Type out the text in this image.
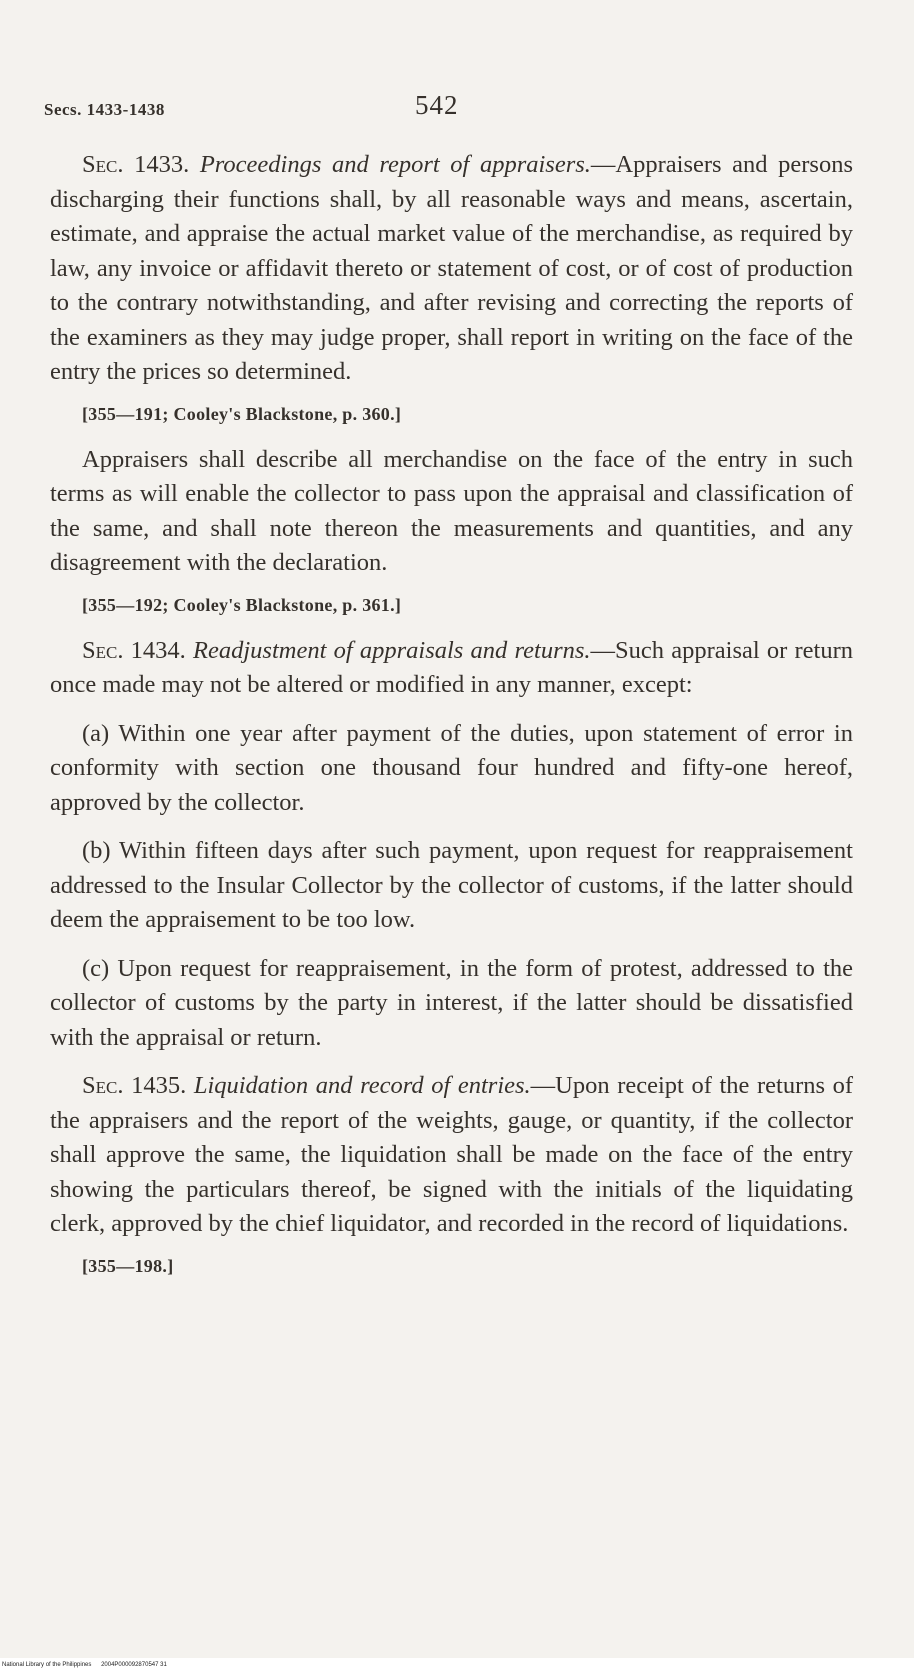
Secs. 1433-1438	542

Sec. 1433. Proceedings and report of appraisers.—Appraisers and persons discharging their functions shall, by all reasonable ways and means, ascertain, estimate, and appraise the actual market value of the merchandise, as required by law, any invoice or affidavit thereto or statement of cost, or of cost of production to the contrary notwithstanding, and after revising and correcting the reports of the examiners as they may judge proper, shall report in writing on the face of the entry the prices so determined.

[355—191; Cooley's Blackstone, p. 360.]

Appraisers shall describe all merchandise on the face of the entry in such terms as will enable the collector to pass upon the appraisal and classification of the same, and shall note thereon the measurements and quantities, and any disagreement with the declaration.

[355—192; Cooley's Blackstone, p. 361.]

Sec. 1434. Readjustment of appraisals and returns.—Such appraisal or return once made may not be altered or modified in any manner, except:

(a) Within one year after payment of the duties, upon statement of error in conformity with section one thousand four hundred and fifty-one hereof, approved by the collector.

(b) Within fifteen days after such payment, upon request for reappraisement addressed to the Insular Collector by the collector of customs, if the latter should deem the appraisement to be too low.

(c) Upon request for reappraisement, in the form of protest, addressed to the collector of customs by the party in interest, if the latter should be dissatisfied with the appraisal or return.

Sec. 1435. Liquidation and record of entries.—Upon receipt of the returns of the appraisers and the report of the weights, gauge, or quantity, if the collector shall approve the same, the liquidation shall be made on the face of the entry showing the particulars thereof, be signed with the initials of the liquidating clerk, approved by the chief liquidator, and recorded in the record of liquidations.

[355—198.]
National Library of the Philippines 2004P000092870547 31
